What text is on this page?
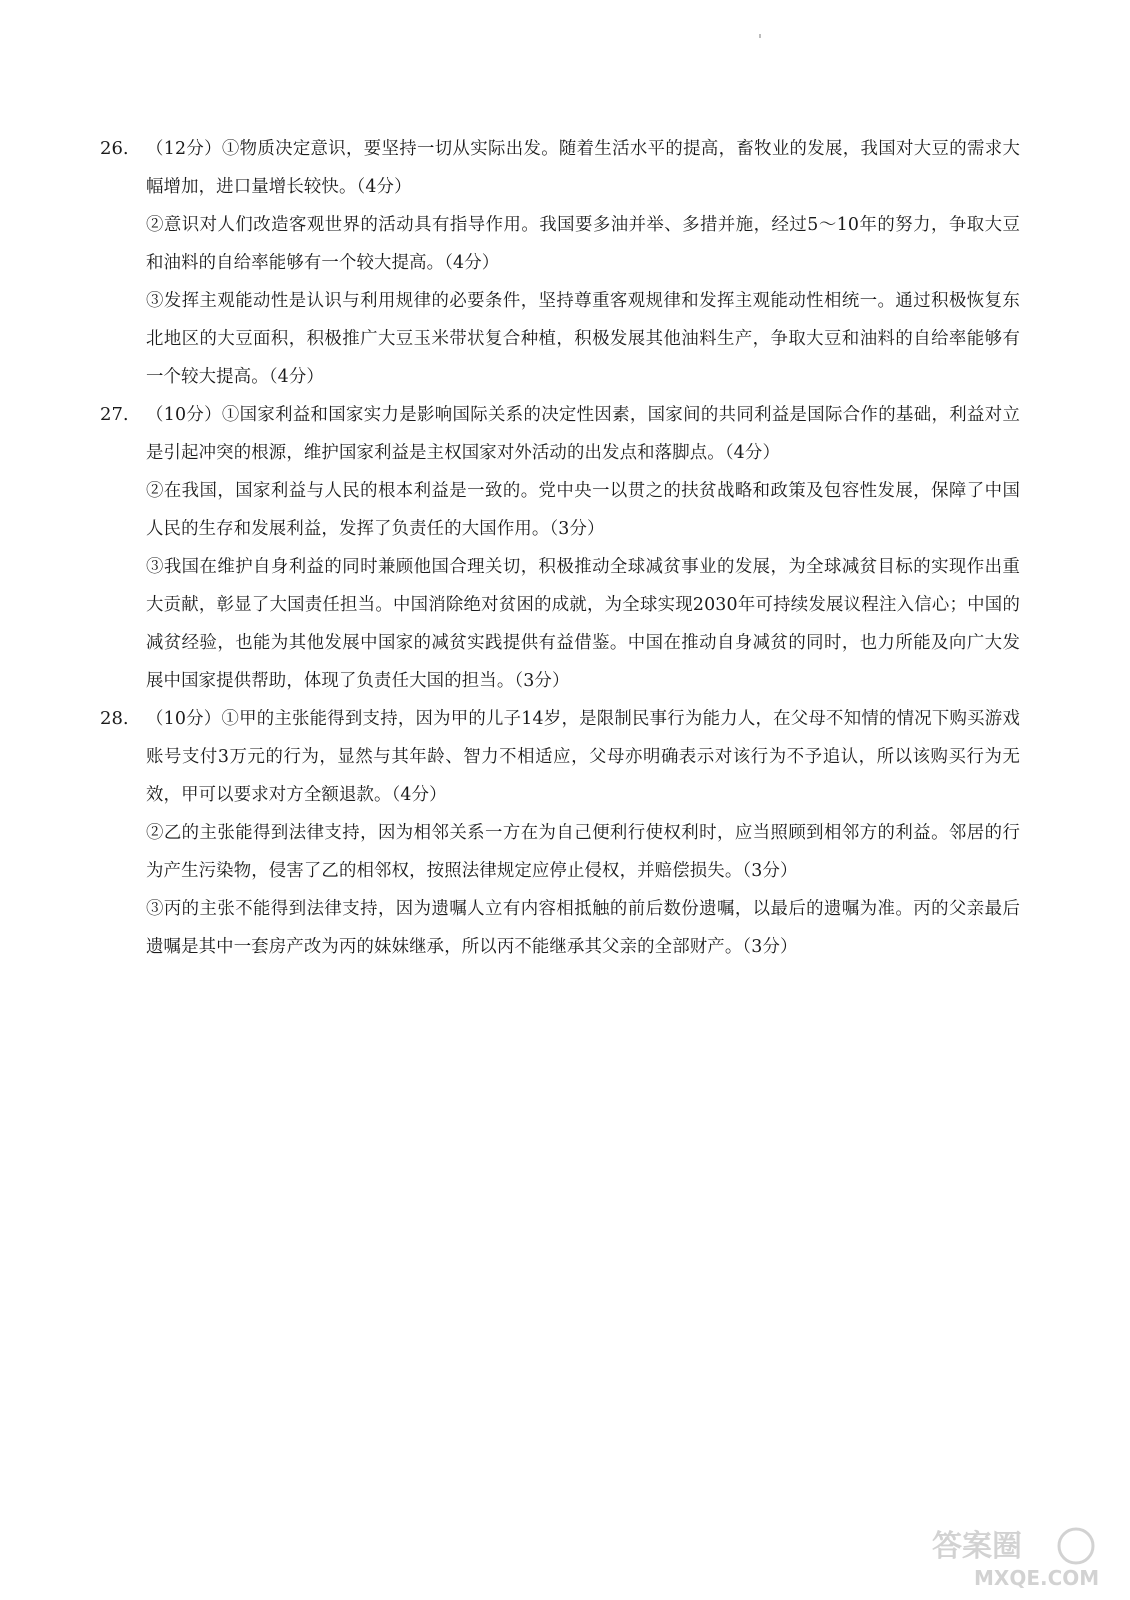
26. （12分）①物质决定意识，要坚持一切从实际出发。随着生活水平的提高，畜牧业的发展，我国对大豆的需求大幅增加，进口量增长较快。（4分）

②意识对人们改造客观世界的活动具有指导作用。我国要多油并举、多措并施，经过5～10年的努力，争取大豆和油料的自给率能够有一个较大提高。（4分）

③发挥主观能动性是认识与利用规律的必要条件，坚持尊重客观规律和发挥主观能动性相统一。通过积极恢复东北地区的大豆面积，积极推广大豆玉米带状复合种植，积极发展其他油料生产，争取大豆和油料的自给率能够有一个较大提高。（4分）

27. （10分）①国家利益和国家实力是影响国际关系的决定性因素，国家间的共同利益是国际合作的基础，利益对立是引起冲突的根源，维护国家利益是主权国家对外活动的出发点和落脚点。（4分）

②在我国，国家利益与人民的根本利益是一致的。党中央一以贯之的扶贫战略和政策及包容性发展，保障了中国人民的生存和发展利益，发挥了负责任的大国作用。（3分）

③我国在维护自身利益的同时兼顾他国合理关切，积极推动全球减贫事业的发展，为全球减贫目标的实现作出重大贡献，彰显了大国责任担当。中国消除绝对贫困的成就，为全球实现2030年可持续发展议程注入信心；中国的减贫经验，也能为其他发展中国家的减贫实践提供有益借鉴。中国在推动自身减贫的同时，也力所能及向广大发展中国家提供帮助，体现了负责任大国的担当。（3分）

28. （10分）①甲的主张能得到支持，因为甲的儿子14岁，是限制民事行为能力人，在父母不知情的情况下购买游戏账号支付3万元的行为，显然与其年龄、智力不相适应，父母亦明确表示对该行为不予追认，所以该购买行为无效，甲可以要求对方全额退款。（4分）

②乙的主张能得到法律支持，因为相邻关系一方在为自己便利行使权利时，应当照顾到相邻方的利益。邻居的行为产生污染物，侵害了乙的相邻权，按照法律规定应停止侵权，并赔偿损失。（3分）

③丙的主张不能得到法律支持，因为遗嘱人立有内容相抵触的前后数份遗嘱，以最后的遗嘱为准。丙的父亲最后遗嘱是其中一套房产改为丙的妹妹继承，所以丙不能继承其父亲的全部财产。（3分）

答案圈
MXQE.COM
